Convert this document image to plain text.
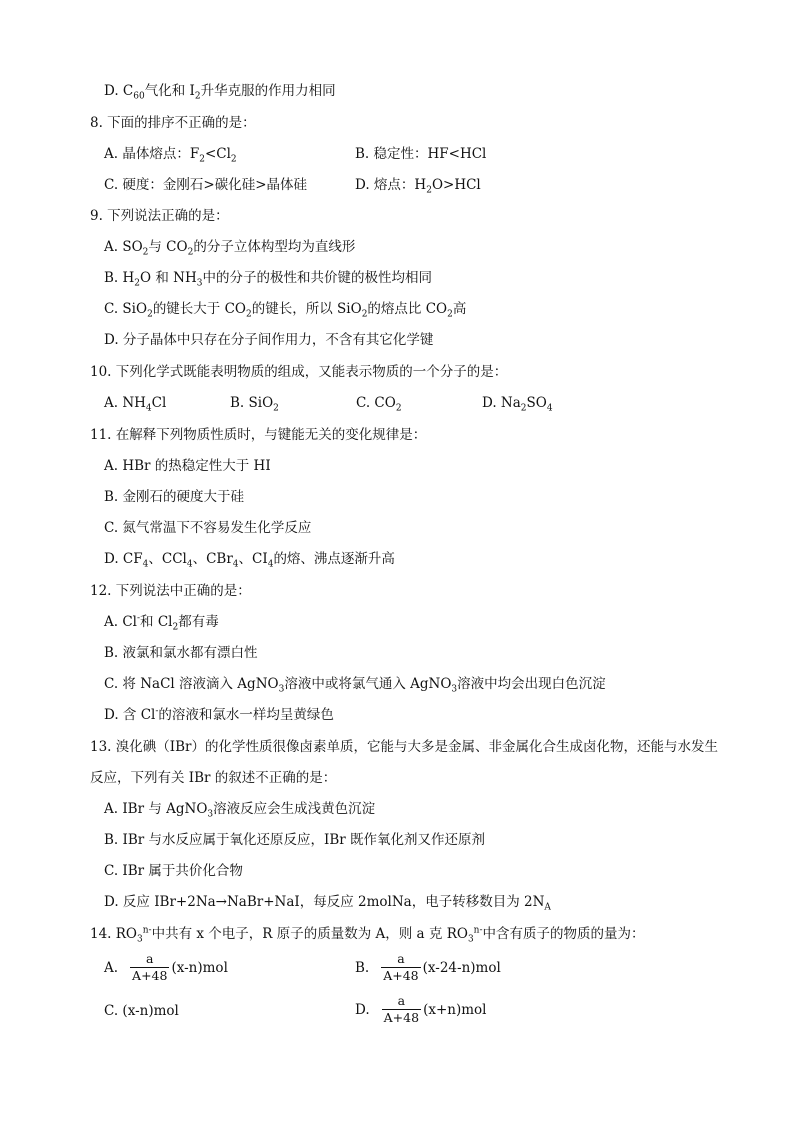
D. $C_{60}$气化和 $I_2$升华克服的作用力相同
8. 下面的排序不正确的是：
A. 晶体熔点：$F_2<Cl_2$	B. 稳定性：HF<HCl
C. 硬度：金刚石>碳化硅>晶体硅	D. 熔点：$H_2O>HCl$
9. 下列说法正确的是：
A. $SO_2$与 $CO_2$的分子立体构型均为直线形
B. $H_2O$ 和 $NH_3$中的分子的极性和共价键的极性均相同
C. SiO$_2$的键长大于 $CO_2$的键长，所以 SiO$_2$的熔点比 $CO_2$高
D. 分子晶体中只存在分子间作用力，不含有其它化学键
10. 下列化学式既能表明物质的组成，又能表示物质的一个分子的是：
A. $NH_4Cl$	B. SiO$_2$	C. $CO_2$	D. $Na_2SO_4$
11. 在解释下列物质性质时，与键能无关的变化规律是：
A. HBr 的热稳定性大于 HI
B. 金刚石的硬度大于硅
C. 氮气常温下不容易发生化学反应
D. $CF_4$、CCl$_4$、CBr$_4$、$CI_4$的熔、沸点逐渐升高
12. 下列说法中正确的是：
A. Cl-和 $Cl_2$都有毒
B. 液氯和氯水都有漂白性
C. 将 NaCl 溶液滴入 AgNO$_3$溶液中或将氯气通入 AgNO$_3$溶液中均会出现白色沉淀
D. 含 Cl-的溶液和氯水一样均呈黄绿色
13. 溴化碘（IBr）的化学性质很像卤素单质，它能与大多是金属、非金属化合生成卤化物，还能与水发生
反应，下列有关 IBr 的叙述不正确的是：
A. IBr 与 AgNO$_3$溶液反应会生成浅黄色沉淀
B. IBr 与水反应属于氧化还原反应，IBr 既作氧化剂又作还原剂
C. IBr 属于共价化合物
D. 反应 IBr+2Na→NaBr+NaI，每反应 2molNa，电子转移数目为 $2N_A$
14. $RO_3^{n-}$中共有 x 个电子，R 原子的质量数为 A，则 a 克 $RO_3^{n-}$中含有质子的物质的量为：
A. $\frac{a}{A+48} (x-n)mol$	B. $\frac{a}{A+48} (x-24-n)mol$
C. (x-n)mol	D. $\frac{a}{A+48} (x+n)mol$
